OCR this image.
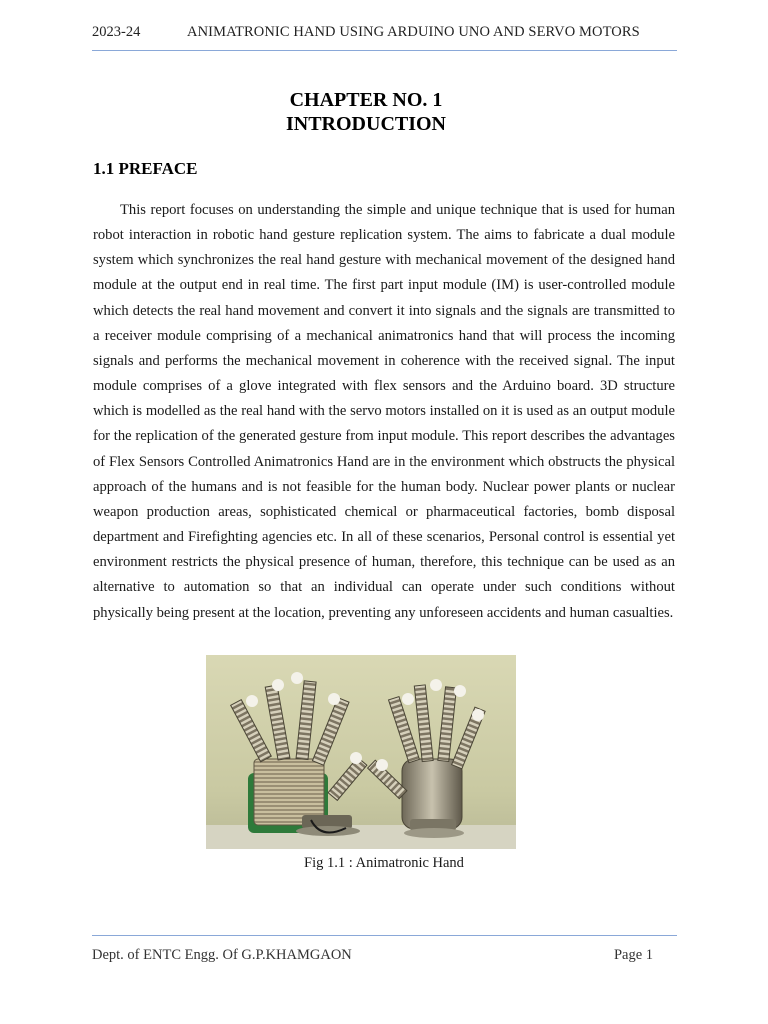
2023-24	ANIMATRONIC HAND USING ARDUINO UNO AND SERVO MOTORS
CHAPTER NO. 1
INTRODUCTION
1.1 PREFACE
This report focuses on understanding the simple and unique technique that is used for human robot interaction in robotic hand gesture replication system. The aims to fabricate a dual module system which synchronizes the real hand gesture with mechanical movement of the designed hand module at the output end in real time. The first part input module (IM) is user-controlled module which detects the real hand movement and convert it into signals and the signals are transmitted to a receiver module comprising of a mechanical animatronics hand that will process the incoming signals and performs the mechanical movement in coherence with the received signal. The input module comprises of a glove integrated with flex sensors and the Arduino board. 3D structure which is modelled as the real hand with the servo motors installed on it is used as an output module for the replication of the generated gesture from input module. This report describes the advantages of Flex Sensors Controlled Animatronics Hand are in the environment which obstructs the physical approach of the humans and is not feasible for the human body. Nuclear power plants or nuclear weapon production areas, sophisticated chemical or pharmaceutical factories, bomb disposal department and Firefighting agencies etc. In all of these scenarios, Personal control is essential yet environment restricts the physical presence of human, therefore, this technique can be used as an alternative to automation so that an individual can operate under such conditions without physically being present at the location, preventing any unforeseen accidents and human casualties.
Fig 1.1 : Animatronic Hand
Dept. of ENTC Engg. Of G.P.KHAMGAON	Page 1
